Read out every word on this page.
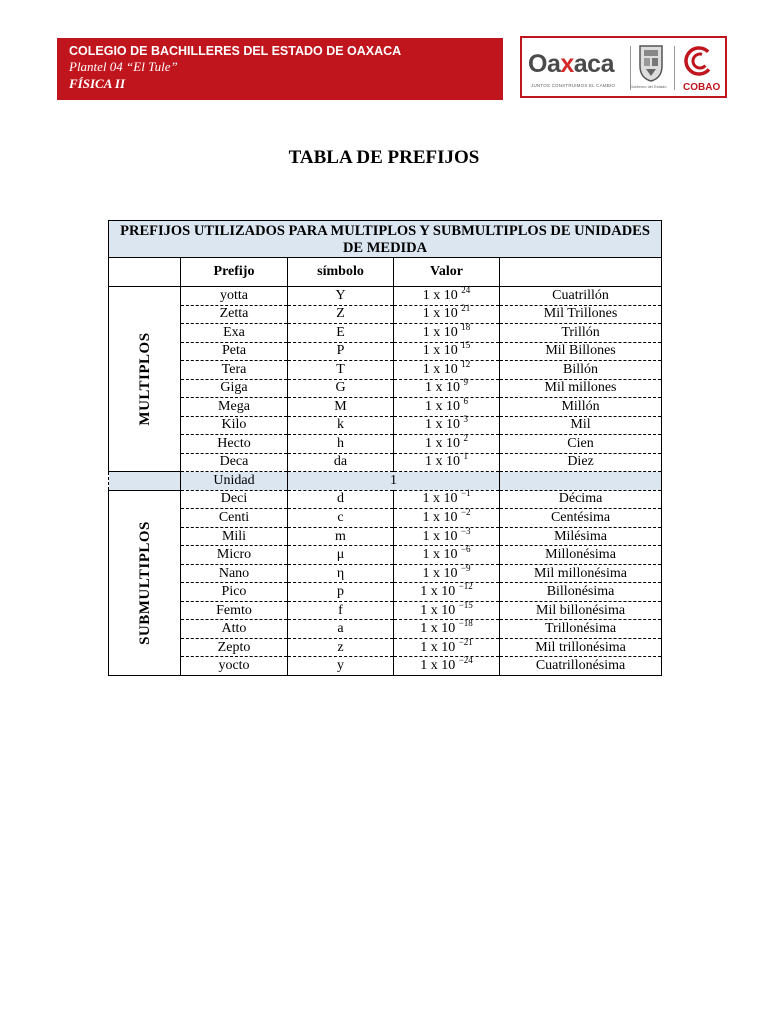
COLEGIO DE BACHILLERES DEL ESTADO DE OAXACA
Plantel 04 “El Tule”
FÍSICA II
Oaxaca
JUNTOS CONSTRUIMOS EL CAMBIO	Gobierno del Estado COBAO
TABLA DE PREFIJOS
PREFIJOS UTILIZADOS PARA MULTIPLOS Y SUBMULTIPLOS DE UNIDADES DE MEDIDA				
	Prefijo	símbolo	Valor	

MULTIPLOS	yotta	Y	1 x 10 $^{24}$	Cuatrillón
	Zetta	Z	1 x 10 $^{21}$	Mil Trillones
	Exa	E	1 x 10 $^{18}$	Trillón
	Peta	P	1 x 10 $^{15}$	Mil Billones
	Tera	T	1 x 10 $^{12}$	Billón
	Giga	G	1 x 10 $^9$	Mil millones
	Mega	M	1 x 10 $^6$	Millón
	Kilo	k	1 x 10 $^3$	Mil
	Hecto	h	1 x 10 $^2$	Cien
	Deca	da	1 x 10 $^1$	Diez
	Unidad	1		

SUBMULTIPLOS	Deci	d	1 x 10 $^{-1}$	Décima
	Centi	c	1 x 10 $^{-2}$	Centésima
	Mili	m	1 x 10 $^{-3}$	Milésima
	Micro	μ	1 x 10 $^{-6}$	Millonésima
	Nano	η	1 x 10 $^{-9}$	Mil millonésima
	Pico	p	1 x 10 $^{-12}$	Billonésima
	Femto	f	1 x 10 $^{-15}$	Mil billonésima
	Atto	a	1 x 10 $^{-18}$	Trillonésima
	Zepto	z	1 x 10 $^{-21}$	Mil trillonésima
	yocto	y	1 x 10 $^{-24}$	Cuatrillonésima
